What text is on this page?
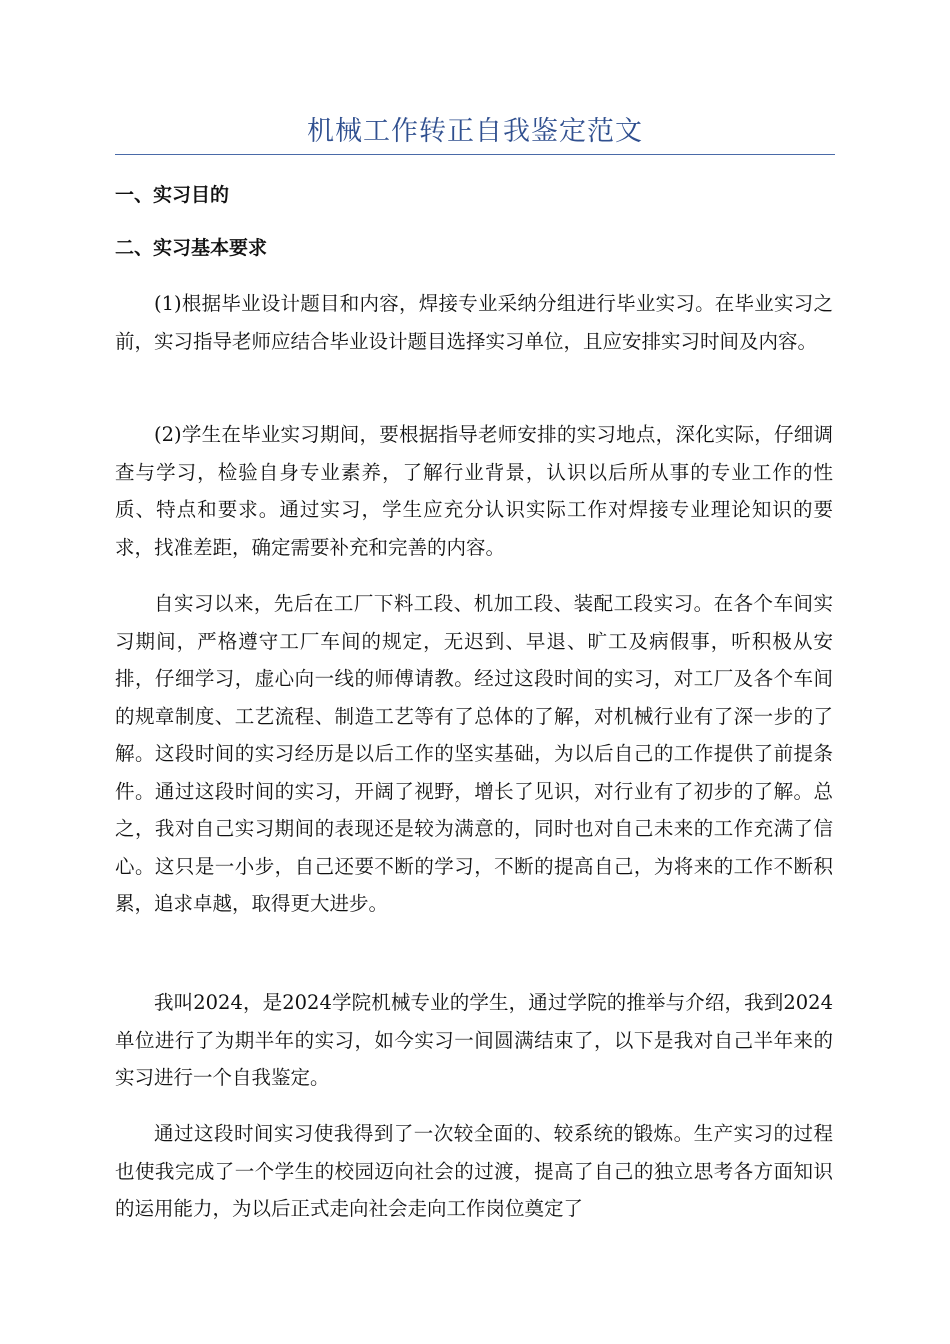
机械工作转正自我鉴定范文
一、实习目的
二、实习基本要求

(1)根据毕业设计题目和内容，焊接专业采纳分组进行毕业实习。在毕业实习之前，实习指导老师应结合毕业设计题目选择实习单位，且应安排实习时间及内容。

(2)学生在毕业实习期间，要根据指导老师安排的实习地点，深化实际，仔细调查与学习，检验自身专业素养，了解行业背景，认识以后所从事的专业工作的性质、特点和要求。通过实习，学生应充分认识实际工作对焊接专业理论知识的要求，找准差距，确定需要补充和完善的内容。

自实习以来，先后在工厂下料工段、机加工段、装配工段实习。在各个车间实习期间，严格遵守工厂车间的规定，无迟到、早退、旷工及病假事，听积极从安排，仔细学习，虚心向一线的师傅请教。经过这段时间的实习，对工厂及各个车间的规章制度、工艺流程、制造工艺等有了总体的了解，对机械行业有了深一步的了解。这段时间的实习经历是以后工作的坚实基础，为以后自己的工作提供了前提条件。通过这段时间的实习，开阔了视野，增长了见识，对行业有了初步的了解。总之，我对自己实习期间的表现还是较为满意的，同时也对自己未来的工作充满了信心。这只是一小步，自己还要不断的学习，不断的提高自己，为将来的工作不断积累，追求卓越，取得更大进步。

我叫2024，是2024学院机械专业的学生，通过学院的推举与介绍，我到2024单位进行了为期半年的实习，如今实习一间圆满结束了，以下是我对自己半年来的实习进行一个自我鉴定。

通过这段时间实习使我得到了一次较全面的、较系统的锻炼。生产实习的过程也使我完成了一个学生的校园迈向社会的过渡，提高了自己的独立思考各方面知识的运用能力，为以后正式走向社会走向工作岗位奠定了
